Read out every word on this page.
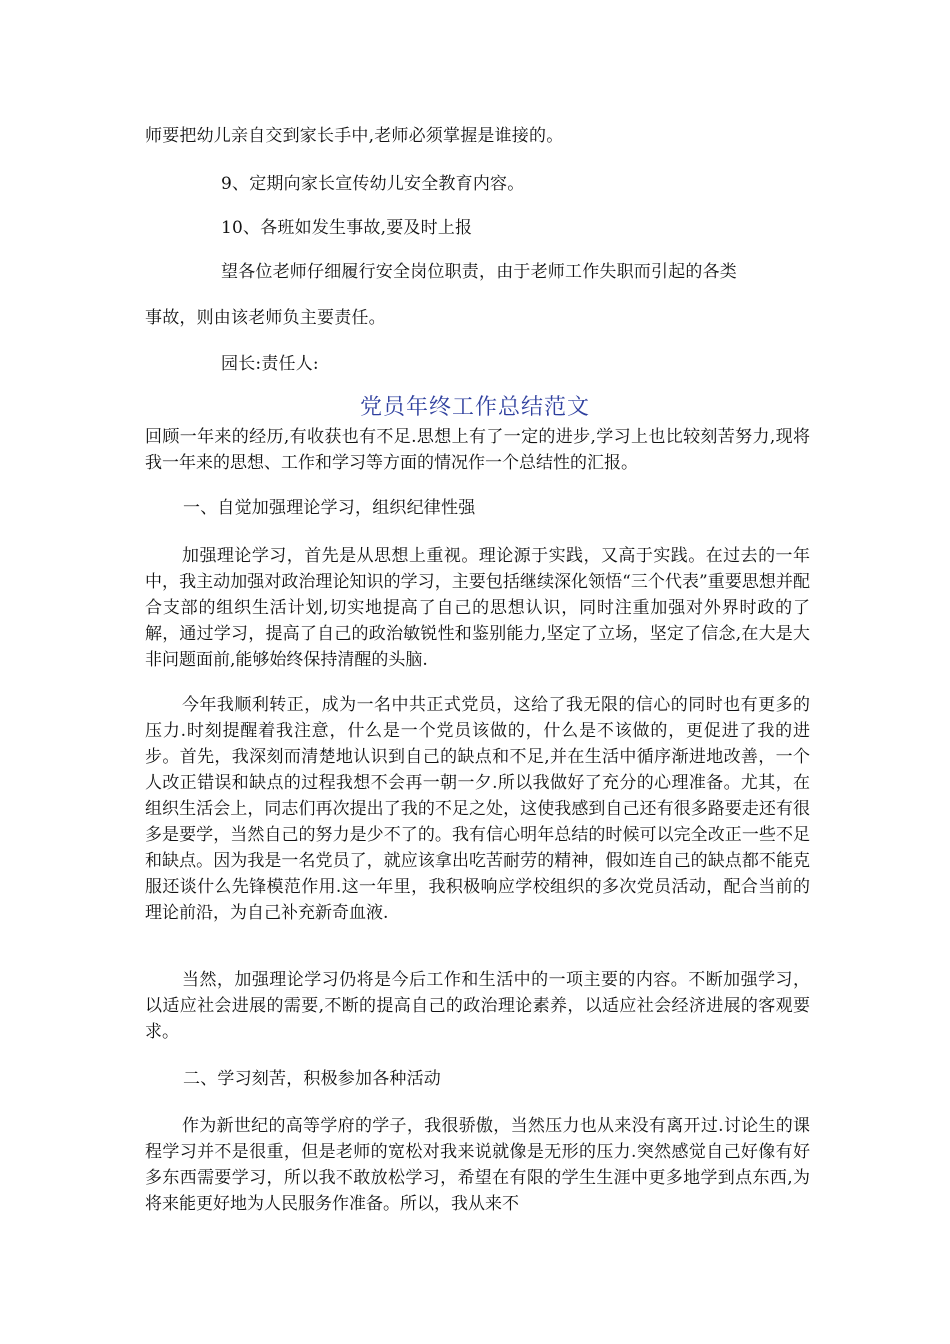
师要把幼儿亲自交到家长手中,老师必须掌握是谁接的。
9、定期向家长宣传幼儿安全教育内容。
10、各班如发生事故,要及时上报
望各位老师仔细履行安全岗位职责，由于老师工作失职而引起的各类
事故，则由该老师负主要责任。
园长:责任人:
党员年终工作总结范文
回顾一年来的经历,有收获也有不足.思想上有了一定的进步,学习上也比较刻苦努力,现将我一年来的思想、工作和学习等方面的情况作一个总结性的汇报。
一、自觉加强理论学习，组织纪律性强
加强理论学习，首先是从思想上重视。理论源于实践，又高于实践。在过去的一年中，我主动加强对政治理论知识的学习，主要包括继续深化领悟“三个代表”重要思想并配合支部的组织生活计划,切实地提高了自己的思想认识，同时注重加强对外界时政的了解，通过学习，提高了自己的政治敏锐性和鉴别能力,坚定了立场，坚定了信念,在大是大非问题面前,能够始终保持清醒的头脑.
今年我顺利转正，成为一名中共正式党员，这给了我无限的信心的同时也有更多的压力.时刻提醒着我注意，什么是一个党员该做的，什么是不该做的，更促进了我的进步。首先，我深刻而清楚地认识到自己的缺点和不足,并在生活中循序渐进地改善，一个人改正错误和缺点的过程我想不会再一朝一夕.所以我做好了充分的心理准备。尤其，在组织生活会上，同志们再次提出了我的不足之处，这使我感到自己还有很多路要走还有很多是要学，当然自己的努力是少不了的。我有信心明年总结的时候可以完全改正一些不足和缺点。因为我是一名党员了，就应该拿出吃苦耐劳的精神，假如连自己的缺点都不能克服还谈什么先锋模范作用.这一年里，我积极响应学校组织的多次党员活动，配合当前的理论前沿，为自己补充新奇血液.
当然，加强理论学习仍将是今后工作和生活中的一项主要的内容。不断加强学习，以适应社会进展的需要,不断的提高自己的政治理论素养，以适应社会经济进展的客观要求。
二、学习刻苦，积极参加各种活动
作为新世纪的高等学府的学子，我很骄傲，当然压力也从来没有离开过.讨论生的课程学习并不是很重，但是老师的宽松对我来说就像是无形的压力.突然感觉自己好像有好多东西需要学习，所以我不敢放松学习，希望在有限的学生生涯中更多地学到点东西,为将来能更好地为人民服务作准备。所以，我从来不
